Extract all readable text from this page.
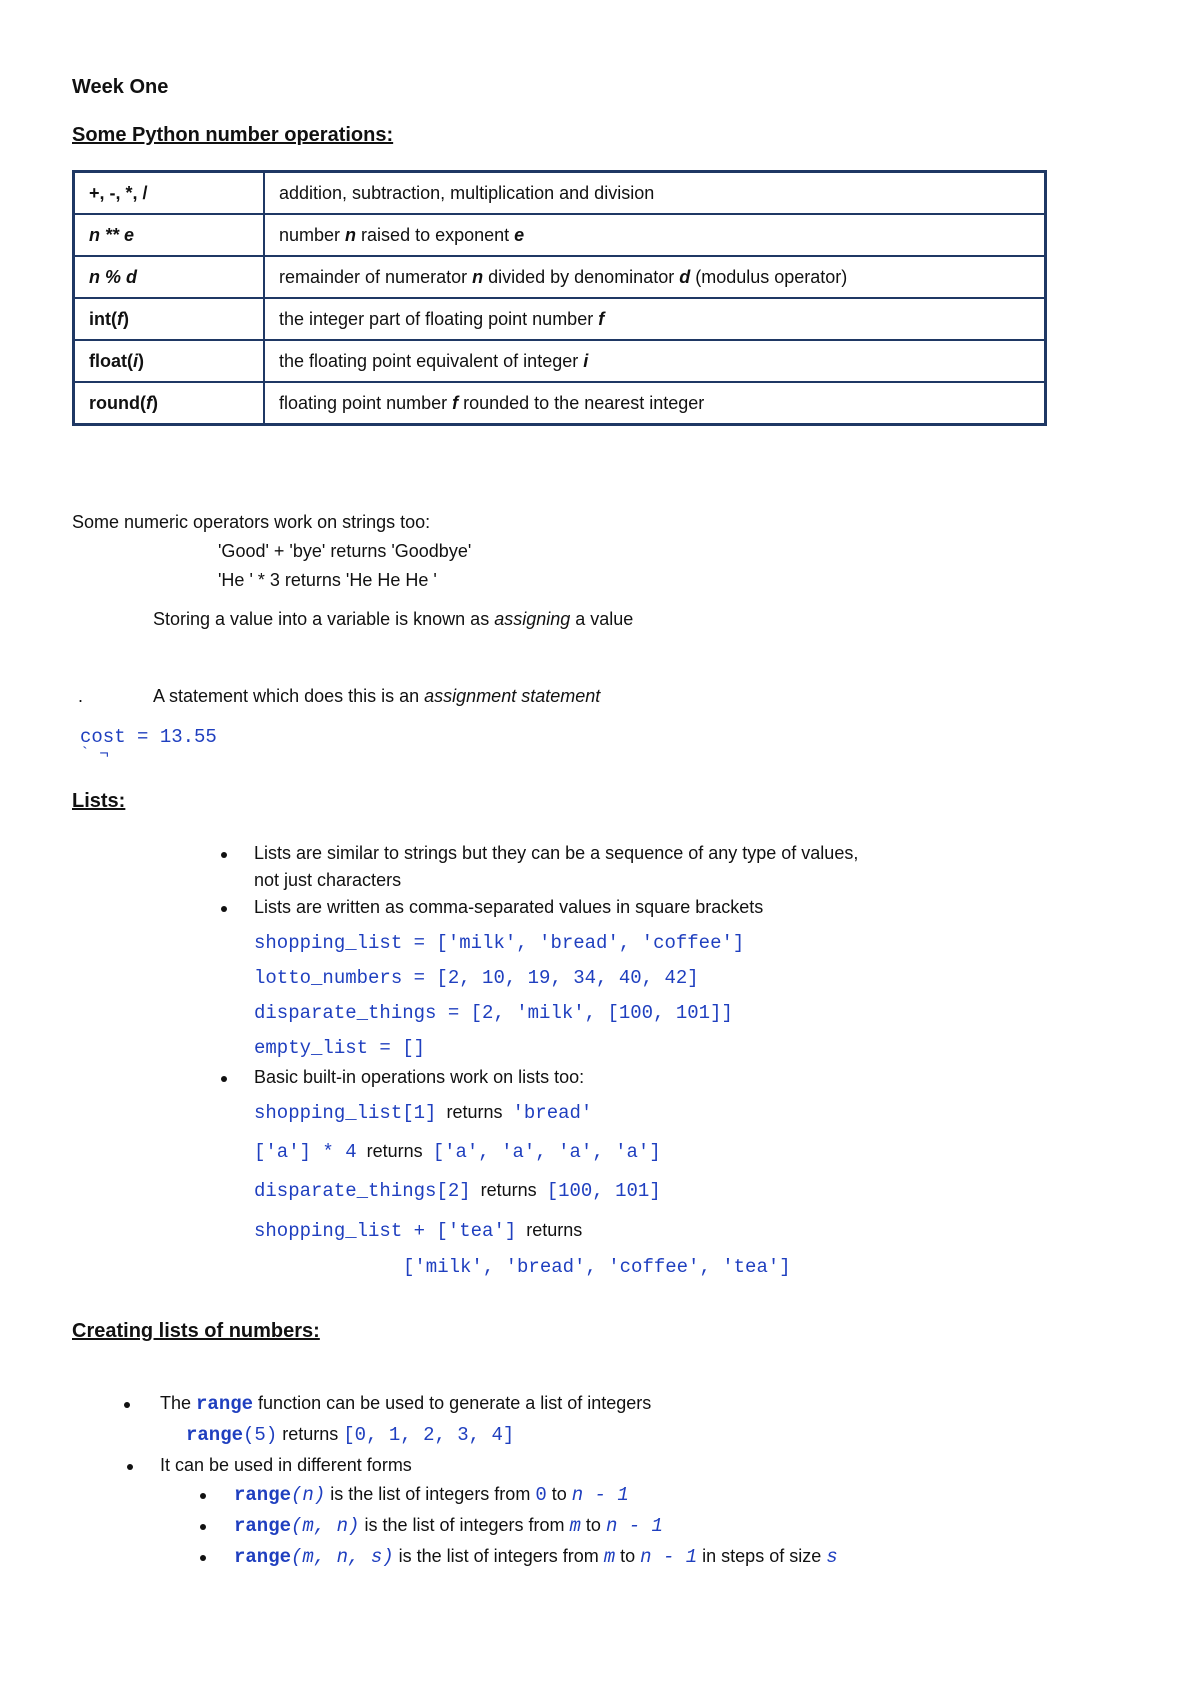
Week One
Some Python number operations:
+, -, *, /	addition, subtraction, multiplication and division
n ** e	number n raised to exponent e
n % d	remainder of numerator n divided by denominator d (modulus operator)
int(f)	the integer part of floating point number f
float(i)	the floating point equivalent of integer i
round(f)	floating point number f rounded to the nearest integer
Some numeric operators work on strings too:
'Good' + 'bye' returns 'Goodbye'
'He ' * 3 returns 'He He He '
Storing a value into a variable is known as assigning a value
.	A statement which does this is an assignment statement
cost = 13.55
` ¬
Lists:
Lists are similar to strings but they can be a sequence of any type of values,
not just characters
Lists are written as comma-separated values in square brackets
shopping_list = ['milk', 'bread', 'coffee']
lotto_numbers = [2, 10, 19, 34, 40, 42]
disparate_things = [2, 'milk', [100, 101]]
empty_list = []
Basic built-in operations work on lists too:
shopping_list[1] returns 'bread'
['a'] * 4 returns ['a', 'a', 'a', 'a']
disparate_things[2] returns [100, 101]
shopping_list + ['tea'] returns
['milk', 'bread', 'coffee', 'tea']
Creating lists of numbers:
The range function can be used to generate a list of integers
range(5) returns [0, 1, 2, 3, 4]
It can be used in different forms
range(n) is the list of integers from 0 to n - 1
range(m, n) is the list of integers from m to n - 1
range(m, n, s) is the list of integers from m to n - 1 in steps of size s
